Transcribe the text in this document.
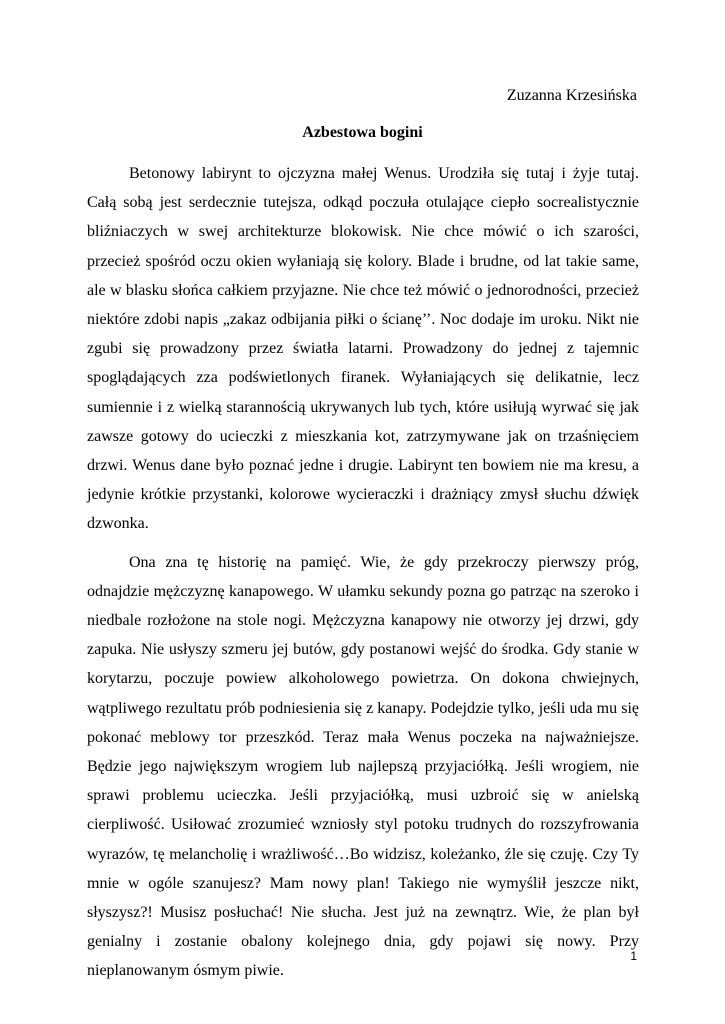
Zuzanna Krzesińska
Azbestowa bogini

Betonowy labirynt to ojczyzna małej Wenus. Urodziła się tutaj i żyje tutaj. Całą sobą jest serdecznie tutejsza, odkąd poczuła otulające ciepło socrealistycznie bliźniaczych w swej architekturze blokowisk. Nie chce mówić o ich szarości, przecież spośród oczu okien wyłaniają się kolory. Blade i brudne, od lat takie same, ale w blasku słońca całkiem przyjazne. Nie chce też mówić o jednorodności, przecież niektóre zdobi napis „zakaz odbijania piłki o ścianę’’. Noc dodaje im uroku. Nikt nie zgubi się prowadzony przez światła latarni. Prowadzony do jednej z tajemnic spoglądających zza podświetlonych firanek. Wyłaniających się delikatnie, lecz sumiennie i z wielką starannością ukrywanych lub tych, które usiłują wyrwać się jak zawsze gotowy do ucieczki z mieszkania kot, zatrzymywane jak on trzaśnięciem drzwi. Wenus dane było poznać jedne i drugie. Labirynt ten bowiem nie ma kresu, a jedynie krótkie przystanki, kolorowe wycieraczki i drażniący zmysł słuchu dźwięk dzwonka.

Ona zna tę historię na pamięć. Wie, że gdy przekroczy pierwszy próg, odnajdzie mężczyznę kanapowego. W ułamku sekundy pozna go patrząc na szeroko i niedbale rozłożone na stole nogi. Mężczyzna kanapowy nie otworzy jej drzwi, gdy zapuka. Nie usłyszy szmeru jej butów, gdy postanowi wejść do środka. Gdy stanie w korytarzu, poczuje powiew alkoholowego powietrza. On dokona chwiejnych, wątpliwego rezultatu prób podniesienia się z kanapy. Podejdzie tylko, jeśli uda mu się pokonać meblowy tor przeszkód. Teraz mała Wenus poczeka na najważniejsze. Będzie jego największym wrogiem lub najlepszą przyjaciółką. Jeśli wrogiem, nie sprawi problemu ucieczka. Jeśli przyjaciółką, musi uzbroić się w anielską cierpliwość. Usiłować zrozumieć wzniosły styl potoku trudnych do rozszyfrowania wyrazów, tę melancholię i wrażliwość…Bo widzisz, koleżanko, źle się czuję. Czy Ty mnie w ogóle szanujesz? Mam nowy plan! Takiego nie wymyślił jeszcze nikt, słyszysz?! Musisz posłuchać! Nie słucha. Jest już na zewnątrz. Wie, że plan był genialny i zostanie obalony kolejnego dnia, gdy pojawi się nowy. Przy nieplanowanym ósmym piwie.

1
